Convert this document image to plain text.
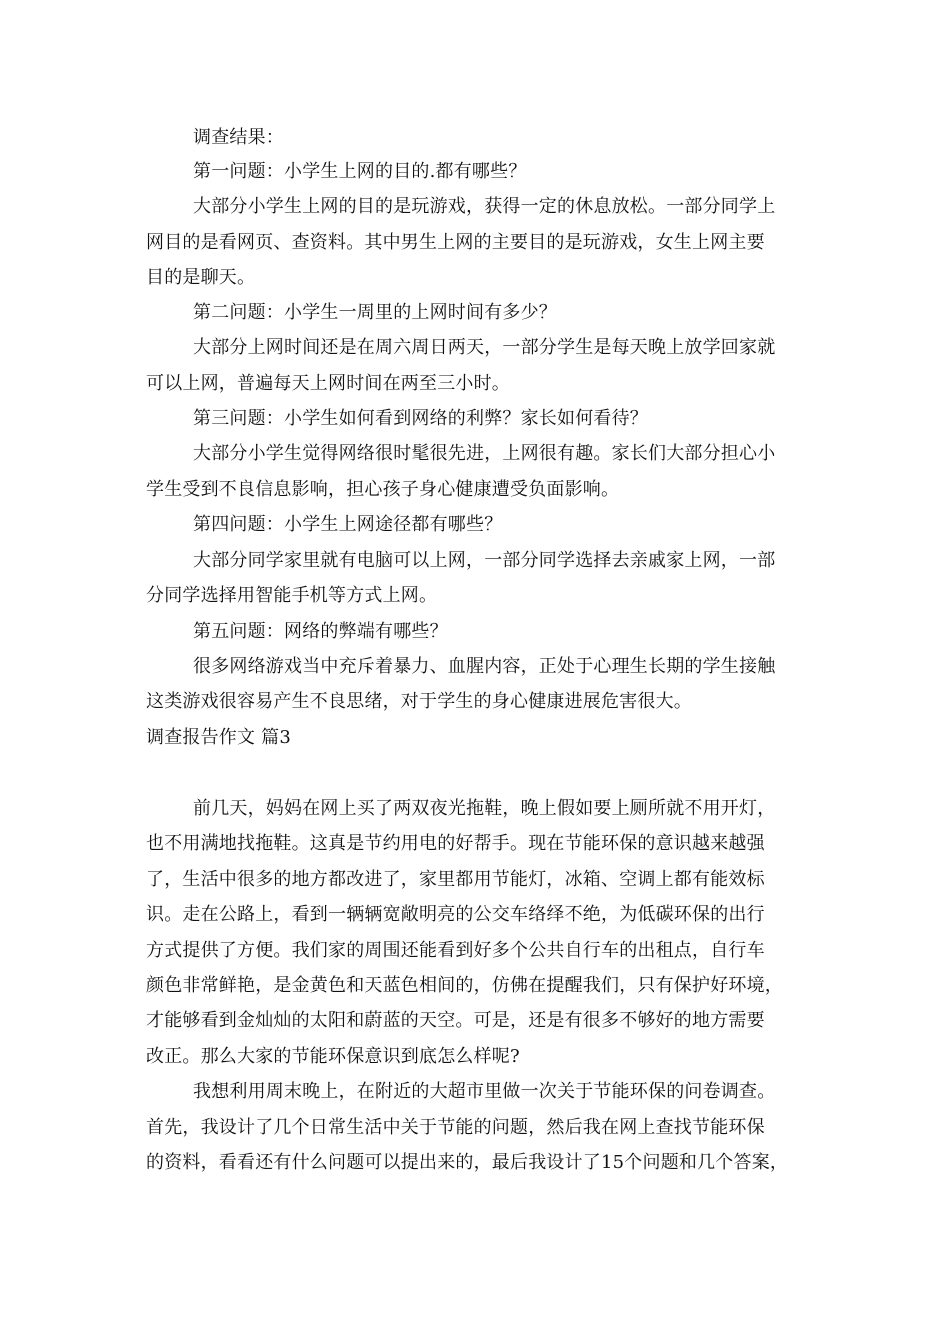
调查结果：
第一问题：小学生上网的目的.都有哪些？
大部分小学生上网的目的是玩游戏，获得一定的休息放松。一部分同学上
网目的是看网页、查资料。其中男生上网的主要目的是玩游戏，女生上网主要
目的是聊天。
第二问题：小学生一周里的上网时间有多少？
大部分上网时间还是在周六周日两天，一部分学生是每天晚上放学回家就
可以上网，普遍每天上网时间在两至三小时。
第三问题：小学生如何看到网络的利弊？家长如何看待？
大部分小学生觉得网络很时髦很先进，上网很有趣。家长们大部分担心小
学生受到不良信息影响，担心孩子身心健康遭受负面影响。
第四问题：小学生上网途径都有哪些？
大部分同学家里就有电脑可以上网，一部分同学选择去亲戚家上网，一部
分同学选择用智能手机等方式上网。
第五问题：网络的弊端有哪些？
很多网络游戏当中充斥着暴力、血腥内容，正处于心理生长期的学生接触
这类游戏很容易产生不良思绪，对于学生的身心健康进展危害很大。
调查报告作文 篇3
前几天，妈妈在网上买了两双夜光拖鞋，晚上假如要上厕所就不用开灯，
也不用满地找拖鞋。这真是节约用电的好帮手。现在节能环保的意识越来越强
了，生活中很多的地方都改进了，家里都用节能灯，冰箱、空调上都有能效标
识。走在公路上，看到一辆辆宽敞明亮的公交车络绎不绝，为低碳环保的出行
方式提供了方便。我们家的周围还能看到好多个公共自行车的出租点，自行车
颜色非常鲜艳，是金黄色和天蓝色相间的，仿佛在提醒我们，只有保护好环境，
才能够看到金灿灿的太阳和蔚蓝的天空。可是，还是有很多不够好的地方需要
改正。那么大家的节能环保意识到底怎么样呢?
我想利用周末晚上，在附近的大超市里做一次关于节能环保的问卷调查。
首先，我设计了几个日常生活中关于节能的问题，然后我在网上查找节能环保
的资料，看看还有什么问题可以提出来的，最后我设计了15个问题和几个答案，
